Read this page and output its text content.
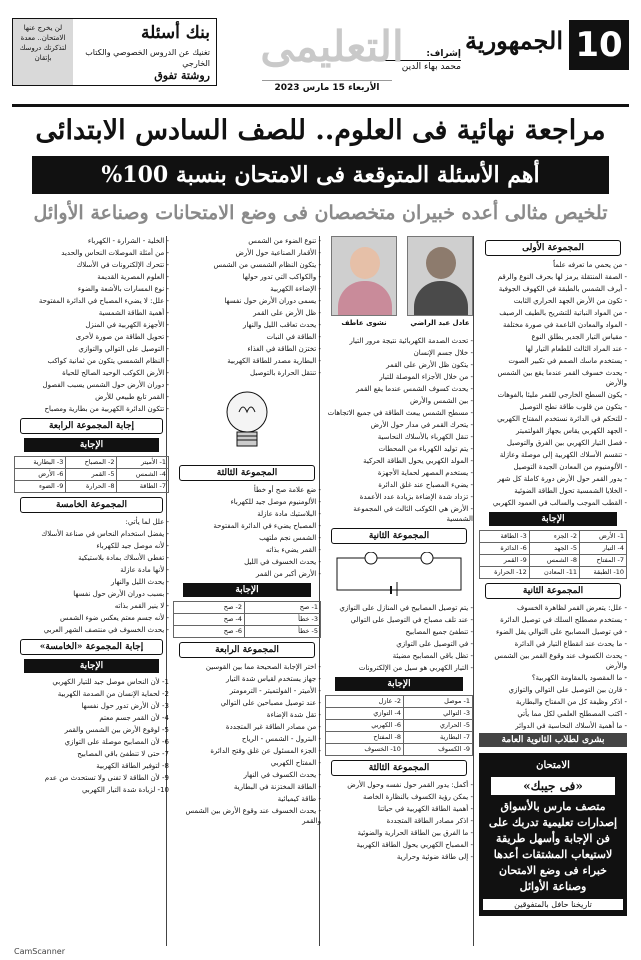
10
الجمهورية
إشراف:
محمد بهاء الدين
التعليمى
الأربعاء 15 مارس 2023
لن يخرج عنها الامتحان.. معدة لتذكرتك دروسك بإتقان
بنك أسئلة
تغنيك عن الدروس الخصوصي والكتاب الخارجي
روشتة تفوق
مراجعة نهائية فى العلوم.. للصف السادس الابتدائى
أهم الأسئلة المتوقعة فى الامتحان بنسبة 100%
تلخيص مثالى أعده خبيران متخصصان فى وضع الامتحانات وصناعة الأوائل
المجموعة الأولى

- من يحمي ما تعرفه علماً

- الصفة المنتقلة يرمز لها بحرف النوع والرقم

- أيرف الشمس بالطبقة في الكهوف الجوفية

- تكون من الأرض الجهد الحراري الثابت

- من المواد النباتية للتشريح بالطيف الرصيف

- المواد والمعادن الناعمة في صورة مختلفة

- مقياس التيار الجدير يطلق النوع

- عند المراد الثالث للطعام التيار لها

- يستخدم ماسك الصمم في تكبير الصوت

- يحدث خسوف القمر عندما يقع بين الشمس والأرض

- يكون السطح الخارجي للقمر مليئا بالفوهات

- يتكون من قلوب طاقة نطح التوصيل

- للتحكم في الدائرة نستخدم المفتاح الكهربي

- الجهد الكهربي يقاس بجهاز الفولتميتر

- فصل التيار الكهربي بين الفرق والتوصيل

- تنقسم الأسلاك الكهربية إلى موصلة وعازلة

- الألومنيوم من المعادن الجيدة التوصيل

- يدور القمر حول الأرض دورة كاملة كل شهر

- الخلايا الشمسية تحول الطاقة الضوئية

- القطب الموجب والسالب في العمود الكهربي

الإجابة
1- الأرض	2- الجزء	3- الطاقة
4- التيار	5- الجهد	6- الدائرة
7- المفتاح	8- الشمس	9- القمر
10- الطبقة	11- المعادن	12- الحرارة
المجموعة الثانية

- علل: يتعرض القمر لظاهرة الخسوف

- يستخدم مصطلح السلك في توصيل الدائرة

- في توصيل المصابيح على التوالي يقل الضوء

- ما يحدث عند انقطاع التيار في الدائرة

- يحدث الكسوف عند وقوع القمر بين الشمس والأرض

- ما المقصود بالمقاومة الكهربية؟

- قارن بين التوصيل على التوالي والتوازي

- اذكر وظيفة كل من المفتاح والبطارية

- اكتب المصطلح العلمي لكل مما يأتي

- ما أهمية الأسلاك النحاسية في الدوائر

بشرى لطلاب الثانوية العامة
الامتحان
«فى جيبك»
متصف مارس بالأسواق
إصدارات تعليمية تدربك على فن الإجابة وأسهل طريقة لاستيعاب المشتقات أعدها خبراء فى وضع الامتحان وصناعة الأوائل
تاريخنا حافل بالمتفوقين
عادل عبد الراضي
نشوى عاطف

- تحدث الصدمة الكهربائية نتيجة مرور التيار

- خلال جسم الإنسان

- يتكون ظل الأرض على القمر

- من خلال الأجزاء الموصلة للتيار

- يحدث كسوف الشمس عندما يقع القمر

- بين الشمس والأرض

- مسطح الشمس يبعث الطاقة في جميع الاتجاهات

- يتحرك القمر في مدار حول الأرض

- تنقل الكهرباء بالأسلاك النحاسية

- يتم توليد الكهرباء من المحطات

- المولد الكهربي يحول الطاقة الحركية

- يستخدم المصهر لحماية الأجهزة

- يضيء المصباح عند غلق الدائرة

- تزداد شدة الإضاءة بزيادة عدد الأعمدة

- الأرض هي الكوكب الثالث في المجموعة الشمسية

المجموعة الثانية

- يتم توصيل المصابيح في المنازل على التوازي

- عند تلف مصباح في التوصيل على التوالي

- تنطفئ جميع المصابيح

- في التوصيل على التوازي

- تظل باقي المصابيح مضيئة

- التيار الكهربي هو سيل من الإلكترونات

الإجابة
1- موصل	2- عازل
3- التوالي	4- التوازي
5- الحراري	6- الكهربي
7- البطارية	8- المفتاح
9- الكسوف	10- الخسوف
المجموعة الثالثة

- أكمل: يدور القمر حول نفسه وحول الأرض

- يمكن رؤية الكسوف بالنظارة الخاصة

- أهمية الطاقة الكهربية في حياتنا

- اذكر مصادر الطاقة المتجددة

- ما الفرق بين الطاقة الحرارية والضوئية

- المصباح الكهربي يحول الطاقة الكهربية

- إلى طاقة ضوئية وحرارية

- تنوع الضوء من الشمس

- الأقمار الصناعية حول الأرض

- يتكون النظام الشمسي من الشمس

- والكواكب التي تدور حولها

- الإضاءة الكهربية

- يسمى دوران الأرض حول نفسها

- ظل الأرض على القمر

- يحدث تعاقب الليل والنهار

- الطاقة في النبات

- تختزن الطاقة في الغذاء

- البطارية مصدر للطاقة الكهربية

- تنتقل الحرارة بالتوصيل

المجموعة الثالثة

- ضع علامة صح أو خطأ

- الألومنيوم موصل جيد للكهرباء

- البلاستيك مادة عازلة

- المصباح يضيء في الدائرة المفتوحة

- الشمس نجم ملتهب

- القمر يضيء بذاته

- يحدث الخسوف في الليل

- الأرض أكبر من القمر

الإجابة
1- صح	2- صح
3- خطأ	4- صح
5- خطأ	6- صح
المجموعة الرابعة

- اختر الإجابة الصحيحة مما بين القوسين

- جهاز يستخدم لقياس شدة التيار

- الأميتر - الفولتميتر - الترمومتر

- عند توصيل مصباحين على التوالي

- تقل شدة الإضاءة

- من مصادر الطاقة غير المتجددة

- البترول - الشمس - الرياح

- الجزء المسئول عن غلق وفتح الدائرة

- المفتاح الكهربي

- يحدث الكسوف في النهار

- الطاقة المختزنة في البطارية

- طاقة كيميائية

- يحدث الخسوف عند وقوع الأرض بين الشمس والقمر

- الخلية - الشرارة - الكهرباء

- من أمثلة الموصلات النحاس والحديد

- تتحرك الإلكترونات في الأسلاك

- العلوم المصرية القديمة

- نوع المسارات بالأشعة والضوء

- علل: لا يضيء المصباح في الدائرة المفتوحة

- أهمية الطاقة الشمسية

- الأجهزة الكهربية في المنزل

- تحويل الطاقة من صورة لأخرى

- التوصيل على التوالي والتوازي

- النظام الشمسي يتكون من ثمانية كواكب

- الأرض الكوكب الوحيد الصالح للحياة

- دوران الأرض حول الشمس يسبب الفصول

- القمر تابع طبيعي للأرض

- تتكون الدائرة الكهربية من بطارية ومصباح

إجابة المجموعة الرابعة
الإجابة
1- الأميتر	2- المصباح	3- البطارية
4- الشمس	5- القمر	6- الأرض
7- الطاقة	8- الحرارة	9- الضوء
المجموعة الخامسة

- علل لما يأتي:

- يفضل استخدام النحاس في صناعة الأسلاك

- لأنه موصل جيد للكهرباء

- تغطى الأسلاك بمادة بلاستيكية

- لأنها مادة عازلة

- يحدث الليل والنهار

- بسبب دوران الأرض حول نفسها

- لا ينير القمر بذاته

- لأنه جسم معتم يعكس ضوء الشمس

- يحدث الخسوف في منتصف الشهر العربي

إجابة المجموعة «الخامسة»
الإجابة

1- لأن النحاس موصل جيد للتيار الكهربي

2- لحماية الإنسان من الصدمة الكهربية

3- لأن الأرض تدور حول نفسها

4- لأن القمر جسم معتم

5- لوقوع الأرض بين الشمس والقمر

6- لأن المصابيح موصلة على التوازي

7- حتى لا تنطفئ باقي المصابيح

8- لتوفير الطاقة الكهربية

9- لأن الطاقة لا تفنى ولا تستحدث من عدم

10- لزيادة شدة التيار الكهربي

CamScanner
